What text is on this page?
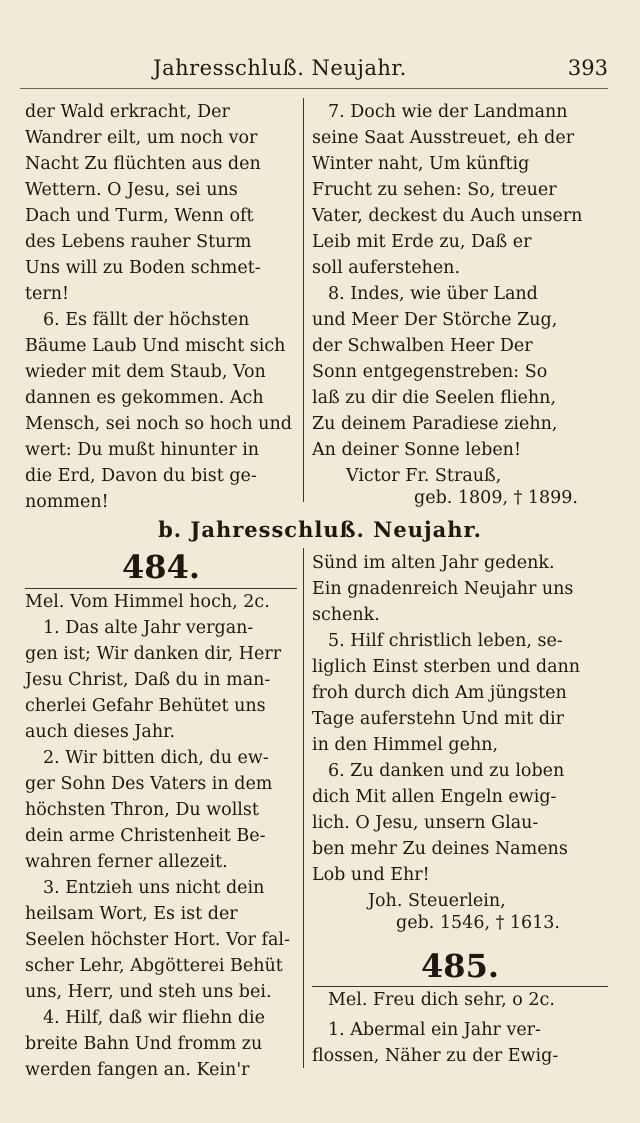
Jahresschluß. Neujahr.	393
der Wald erkracht, Der
Wandrer eilt, um noch vor
Nacht Zu flüchten aus den
Wettern. O Jesu, sei uns
Dach und Turm, Wenn oft
des Lebens rauher Sturm
Uns will zu Boden schmet-
tern!
6. Es fällt der höchsten
Bäume Laub Und mischt sich
wieder mit dem Staub, Von
dannen es gekommen. Ach
Mensch, sei noch so hoch und
wert: Du mußt hinunter in
die Erd, Davon du bist ge-
nommen!
7. Doch wie der Landmann
seine Saat Ausstreuet, eh der
Winter naht, Um künftig
Frucht zu sehen: So, treuer
Vater, deckest du Auch unsern
Leib mit Erde zu, Daß er
soll auferstehen.
8. Indes, wie über Land
und Meer Der Störche Zug,
der Schwalben Heer Der
Sonn entgegenstreben: So
laß zu dir die Seelen fliehn,
Zu deinem Paradiese ziehn,
An deiner Sonne leben!
Victor Fr. Strauß,
geb. 1809, † 1899.
b. Jahresschluß. Neujahr.
484.
Mel. Vom Himmel hoch, 2c.
1. Das alte Jahr vergan-
gen ist; Wir danken dir, Herr
Jesu Christ, Daß du in man-
cherlei Gefahr Behütet uns
auch dieses Jahr.
2. Wir bitten dich, du ew-
ger Sohn Des Vaters in dem
höchsten Thron, Du wollst
dein arme Christenheit Be-
wahren ferner allezeit.
3. Entzieh uns nicht dein
heilsam Wort, Es ist der
Seelen höchster Hort. Vor fal-
scher Lehr, Abgötterei Behüt
uns, Herr, und steh uns bei.
4. Hilf, daß wir fliehn die
breite Bahn Und fromm zu
werden fangen an. Kein'r
Sünd im alten Jahr gedenk.
Ein gnadenreich Neujahr uns
schenk.
5. Hilf christlich leben, se-
liglich Einst sterben und dann
froh durch dich Am jüngsten
Tage auferstehn Und mit dir
in den Himmel gehn,
6. Zu danken und zu loben
dich Mit allen Engeln ewig-
lich. O Jesu, unsern Glau-
ben mehr Zu deines Namens
Lob und Ehr!
Joh. Steuerlein,
geb. 1546, † 1613.
485.
Mel. Freu dich sehr, o 2c.
1. Abermal ein Jahr ver-
flossen, Näher zu der Ewig-
